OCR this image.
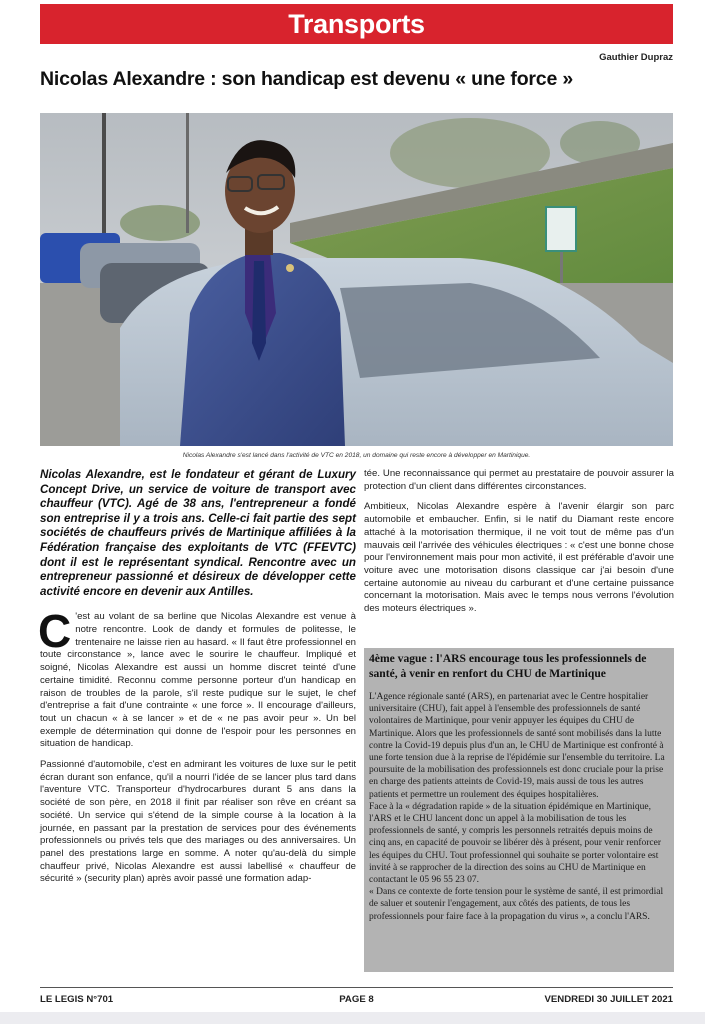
Transports
Gauthier Dupraz
Nicolas Alexandre : son handicap est devenu « une force »
Nicolas Alexandre s'est lancé dans l'activité de VTC en 2018, un domaine qui reste encore à développer en Martinique.

Nicolas Alexandre, est le fondateur et gérant de Luxury Concept Drive, un service de voiture de transport avec chauffeur (VTC). Agé de 38 ans, l'entrepreneur a fondé son entreprise il y a trois ans. Celle-ci fait partie des sept sociétés de chauffeurs privés de Martinique affiliées à la Fédération française des exploitants de VTC (FFEVTC) dont il est le représentant syndical. Rencontre avec un entrepreneur passionné et désireux de développer cette activité encore en devenir aux Antilles.

C 'est au volant de sa berline que Nicolas Alexandre est venue à notre rencontre. Look de dandy et formules de politesse, le trentenaire ne laisse rien au hasard. « Il faut être professionnel en toute circonstance », lance avec le sourire le chauffeur. Impliqué et soigné, Nicolas Alexandre est aussi un homme discret teinté d'une certaine timidité. Reconnu comme personne porteur d'un handicap en raison de troubles de la parole, s'il reste pudique sur le sujet, le chef d'entreprise a fait d'une contrainte « une force ». Il encourage d'ailleurs, tout un chacun « à se lancer » et de « ne pas avoir peur ». Un bel exemple de détermination qui donne de l'espoir pour les personnes en situation de handicap.

Passionné d'automobile, c'est en admirant les voitures de luxe sur le petit écran durant son enfance, qu'il a nourri l'idée de se lancer plus tard dans l'aventure VTC. Transporteur d'hydrocarbures durant 5 ans dans la société de son père, en 2018 il finit par réaliser son rêve en créant sa société. Un service qui s'étend de la simple course à la location à la journée, en passant par la prestation de services pour des événements professionnels ou privés tels que des mariages ou des anniversaires. Un panel des prestations large en somme. A noter qu'au-delà du simple chauffeur privé, Nicolas Alexandre est aussi labellisé « chauffeur de sécurité » (security plan) après avoir passé une formation adap-

tée. Une reconnaissance qui permet au prestataire de pouvoir assurer la protection d'un client dans différentes circonstances.

Ambitieux, Nicolas Alexandre espère à l'avenir élargir son parc automobile et embaucher. Enfin, si le natif du Diamant reste encore attaché à la motorisation thermique, il ne voit tout de même pas d'un mauvais œil l'arrivée des véhicules électriques : « c'est une bonne chose pour l'environnement mais pour mon activité, il est préférable d'avoir une voiture avec une motorisation disons classique car j'ai besoin d'une certaine autonomie au niveau du carburant et d'une certaine puissance concernant la motorisation. Mais avec le temps nous verrons l'évolution des moteurs électriques ».

4ème vague : l'ARS encourage tous les professionnels de santé, à venir en renfort du CHU de Martinique

L'Agence régionale santé (ARS), en partenariat avec le Centre hospitalier universitaire (CHU), fait appel à l'ensemble des professionnels de santé volontaires de Martinique, pour venir appuyer les équipes du CHU de Martinique. Alors que les professionnels de santé sont mobilisés dans la lutte contre la Covid-19 depuis plus d'un an, le CHU de Martinique est confronté à une forte tension due à la reprise de l'épidémie sur l'ensemble du territoire. La poursuite de la mobilisation des professionnels est donc cruciale pour la prise en charge des patients atteints de Covid-19, mais aussi de tous les autres patients et permettre un roulement des équipes hospitalières.

Face à la « dégradation rapide » de la situation épidémique en Martinique, l'ARS et le CHU lancent donc un appel à la mobilisation de tous les professionnels de santé, y compris les personnels retraités depuis moins de cinq ans, en capacité de pouvoir se libérer dès à présent, pour venir renforcer les équipes du CHU. Tout professionnel qui souhaite se porter volontaire est invité à se rapprocher de la direction des soins au CHU de Martinique en contactant le 05 96 55 23 07.

« Dans ce contexte de forte tension pour le système de santé, il est primordial de saluer et soutenir l'engagement, aux côtés des patients, de tous les professionnels pour faire face à la propagation du virus », a conclu l'ARS.

LE LEGIS N°701	PAGE 8	VENDREDI 30 JUILLET 2021
